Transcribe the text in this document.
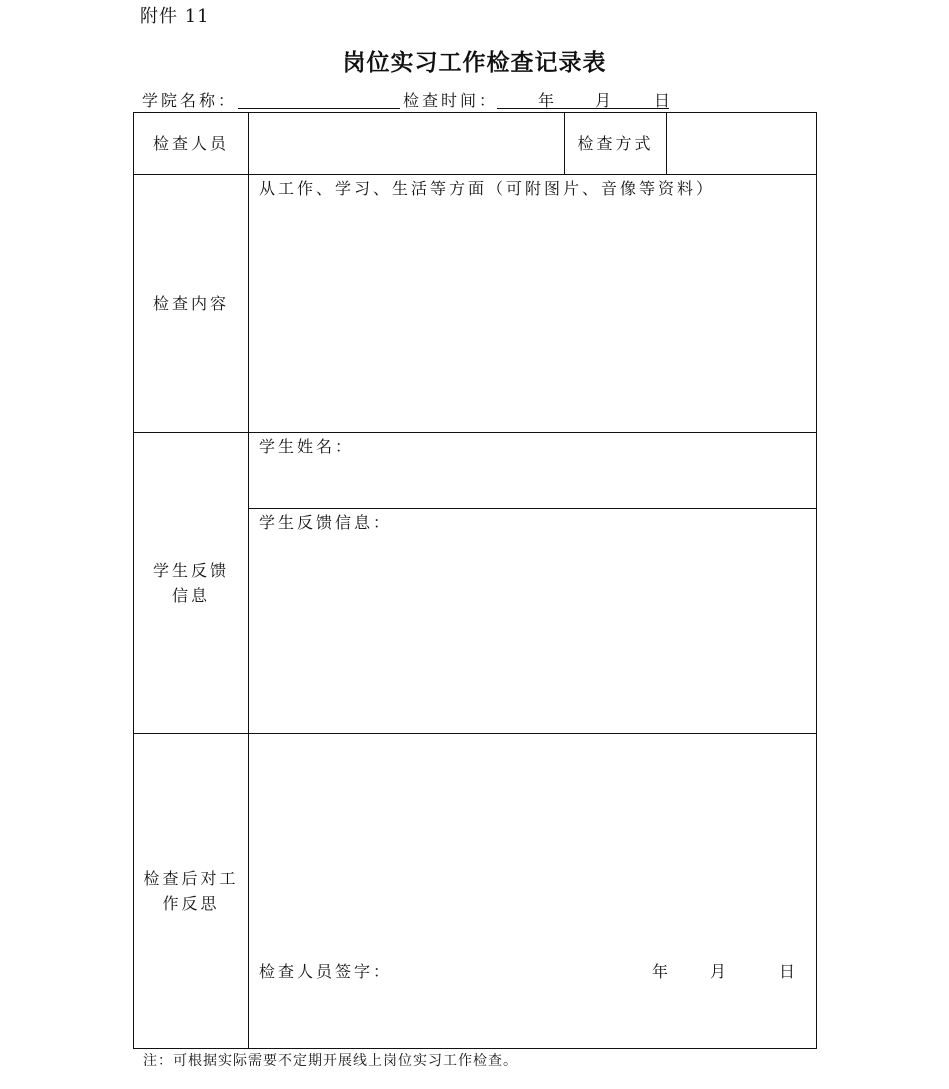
附件 11
岗位实习工作检查记录表
学院名称：	检查时间： 年 月 日
检查人员		检查方式	

检查内容	从工作、学习、生活等方面（可附图片、音像等资料）		

学生反馈信息	学生姓名：		

	学生反馈信息：		

检查后对工作反思	检查人员签字： 年 月 日		
注：可根据实际需要不定期开展线上岗位实习工作检查。
